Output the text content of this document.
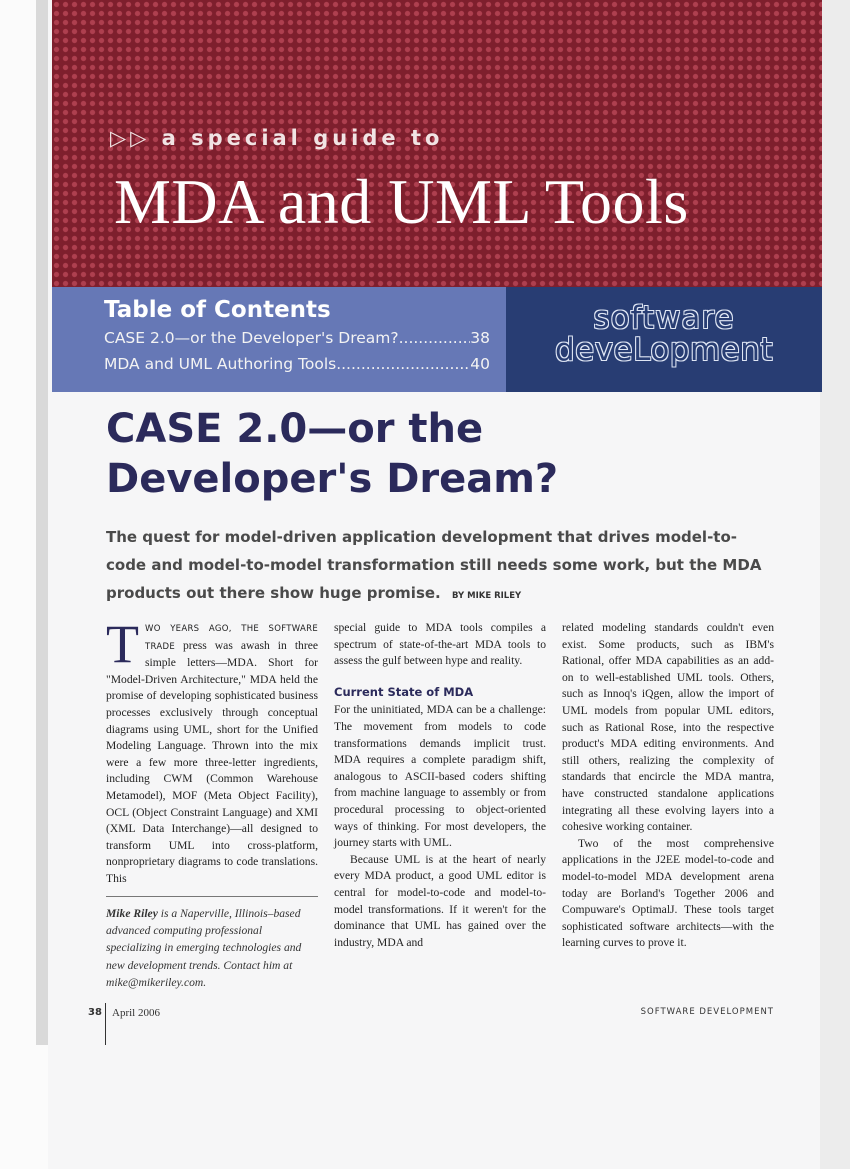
▷▷ a special guide to
MDA and UML Tools
Table of Contents
CASE 2.0—or the Developer's Dream? .....	38
MDA and UML Authoring Tools .....	40
software
deveLopment
CASE 2.0—or the
Developer's Dream?
The quest for model-driven application development that drives model-to-code and model-to-model transformation still needs some work, but the MDA products out there show huge promise. BY MIKE RILEY

TWO YEARS AGO, THE SOFTWARE TRADE press was awash in three simple letters—MDA. Short for "Model-Driven Architecture," MDA held the promise of developing sophisticated business processes exclusively through conceptual diagrams using UML, short for the Unified Modeling Language. Thrown into the mix were a few more three-letter ingredients, including CWM (Common Warehouse Metamodel), MOF (Meta Object Facility), OCL (Object Constraint Language) and XMI (XML Data Interchange)—all designed to transform UML into cross-platform, nonproprietary diagrams to code translations. This

Mike Riley is a Naperville, Illinois–based advanced computing professional specializing in emerging technologies and new development trends. Contact him at mike@mikeriley.com.

special guide to MDA tools compiles a spectrum of state-of-the-art MDA tools to assess the gulf between hype and reality.

Current State of MDA

For the uninitiated, MDA can be a challenge: The movement from models to code transformations demands implicit trust. MDA requires a complete paradigm shift, analogous to ASCII-based coders shifting from machine language to assembly or from procedural processing to object-oriented ways of thinking. For most developers, the journey starts with UML.

Because UML is at the heart of nearly every MDA product, a good UML editor is central for model-to-code and model-to-model transformations. If it weren't for the dominance that UML has gained over the industry, MDA and

related modeling standards couldn't even exist. Some products, such as IBM's Rational, offer MDA capabilities as an add-on to well-established UML tools. Others, such as Innoq's iQgen, allow the import of UML models from popular UML editors, such as Rational Rose, into the respective product's MDA editing environments. And still others, realizing the complexity of standards that encircle the MDA mantra, have constructed standalone applications integrating all these evolving layers into a cohesive working container.

Two of the most comprehensive applications in the J2EE model-to-code and model-to-model MDA development arena today are Borland's Together 2006 and Compuware's OptimalJ. These tools target sophisticated software architects—with the learning curves to prove it.

38 April 2006	SOFTWARE DEVELOPMENT
